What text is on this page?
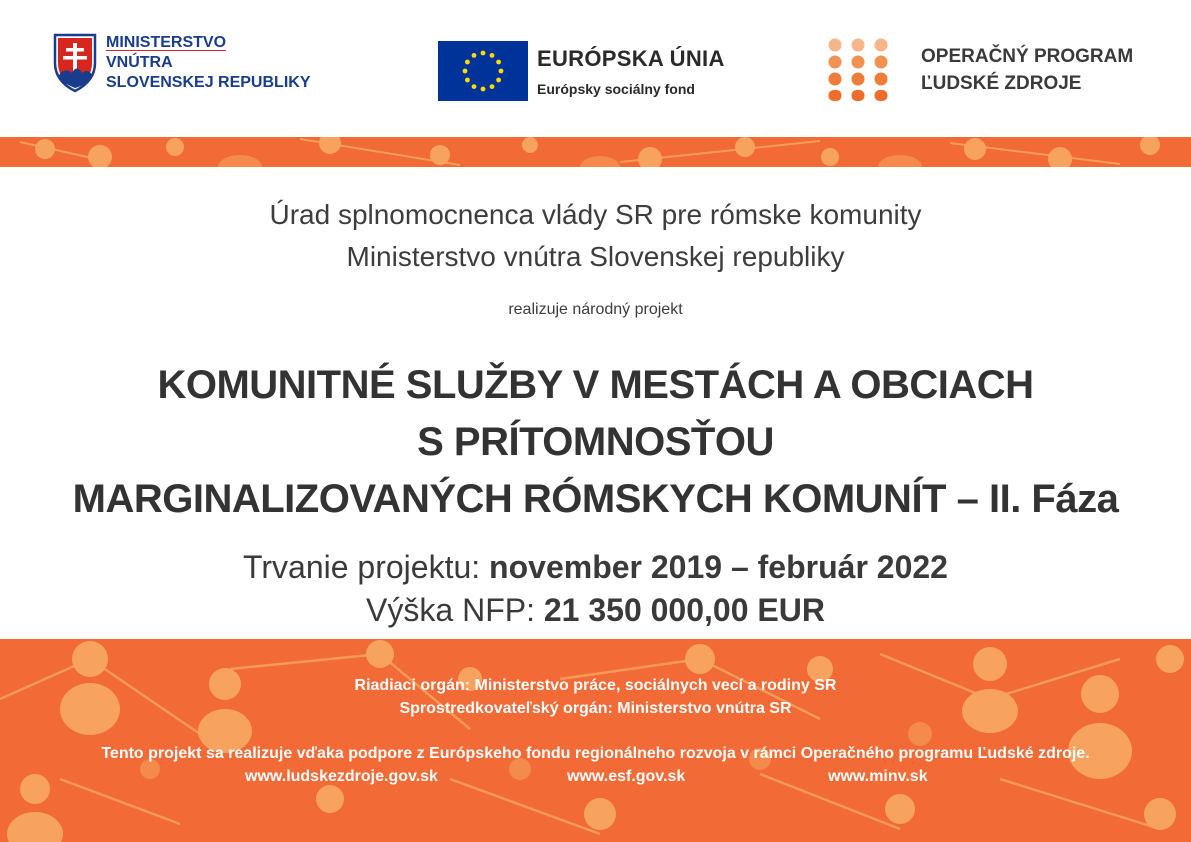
MINISTERSTVO
VNÚTRA
SLOVENSKEJ REPUBLIKY
EURÓPSKA ÚNIA
Európsky sociálny fond
OPERAČNÝ PROGRAM
ĽUDSKÉ ZDROJE
Úrad splnomocnenca vlády SR pre rómske komunity
Ministerstvo vnútra Slovenskej republiky
realizuje národný projekt
KOMUNITNÉ SLUŽBY V MESTÁCH A OBCIACH
S PRÍTOMNOSŤOU
MARGINALIZOVANÝCH RÓMSKYCH KOMUNÍT – II. Fáza
Trvanie projektu: november 2019 – február 2022
Výška NFP: 21 350 000,00 EUR
Riadiaci orgán: Ministerstvo práce, sociálnych vecí a rodiny SR
Sprostredkovateľský orgán: Ministerstvo vnútra SR
Tento projekt sa realizuje vďaka podpore z Európskeho fondu regionálneho rozvoja v rámci Operačného programu Ľudské zdroje.
www.ludskezdroje.gov.sk	www.esf.gov.sk	www.minv.sk
